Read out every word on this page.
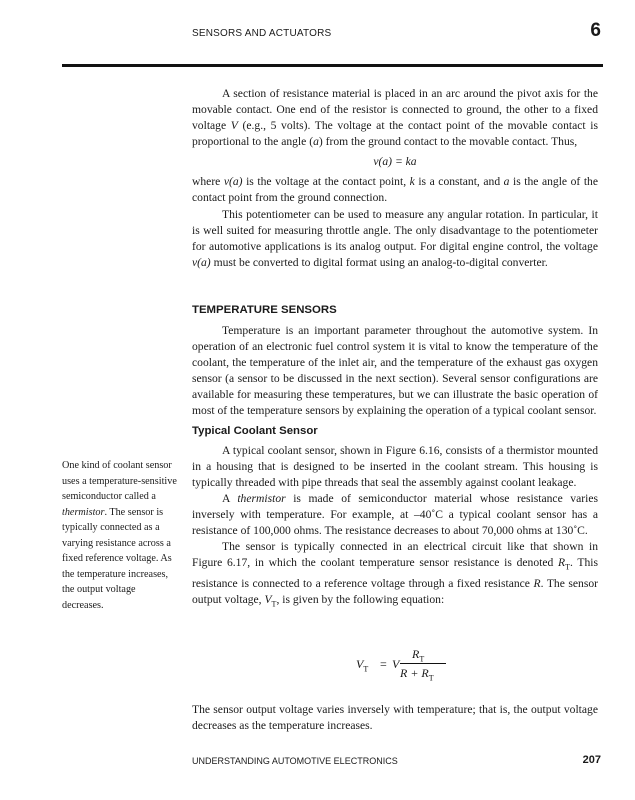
SENSORS AND ACTUATORS	6

A section of resistance material is placed in an arc around the pivot axis for the movable contact. One end of the resistor is connected to ground, the other to a fixed voltage V (e.g., 5 volts). The voltage at the contact point of the movable contact is proportional to the angle (a) from the ground contact to the movable contact. Thus,

v(a) = ka

where v(a) is the voltage at the contact point, k is a constant, and a is the angle of the contact point from the ground connection.

This potentiometer can be used to measure any angular rotation. In particular, it is well suited for measuring throttle angle. The only disadvantage to the potentiometer for automotive applications is its analog output. For digital engine control, the voltage v(a) must be converted to digital format using an analog-to-digital converter.

TEMPERATURE SENSORS

Temperature is an important parameter throughout the automotive system. In operation of an electronic fuel control system it is vital to know the temperature of the coolant, the temperature of the inlet air, and the temperature of the exhaust gas oxygen sensor (a sensor to be discussed in the next section). Several sensor configurations are available for measuring these temperatures, but we can illustrate the basic operation of most of the temperature sensors by explaining the operation of a typical coolant sensor.

Typical Coolant Sensor

A typical coolant sensor, shown in Figure 6.16, consists of a thermistor mounted in a housing that is designed to be inserted in the coolant stream. This housing is typically threaded with pipe threads that seal the assembly against coolant leakage.

A thermistor is made of semiconductor material whose resistance varies inversely with temperature. For example, at –40˚C a typical coolant sensor has a resistance of 100,000 ohms. The resistance decreases to about 70,000 ohms at 130˚C.

The sensor is typically connected in an electrical circuit like that shown in Figure 6.17, in which the coolant temperature sensor resistance is denoted $R_T$. This resistance is connected to a reference voltage through a fixed resistance R. The sensor output voltage, $V_T$, is given by the following equation:

$V_T = V$
$R_T$
$R + R_T$

The sensor output voltage varies inversely with temperature; that is, the output voltage decreases as the temperature increases.

One kind of coolant sensor uses a temperature-sensitive semiconductor called a thermistor. The sensor is typically connected as a varying resistance across a fixed reference voltage. As the temperature increases, the output voltage decreases.
UNDERSTANDING AUTOMOTIVE ELECTRONICS	207
